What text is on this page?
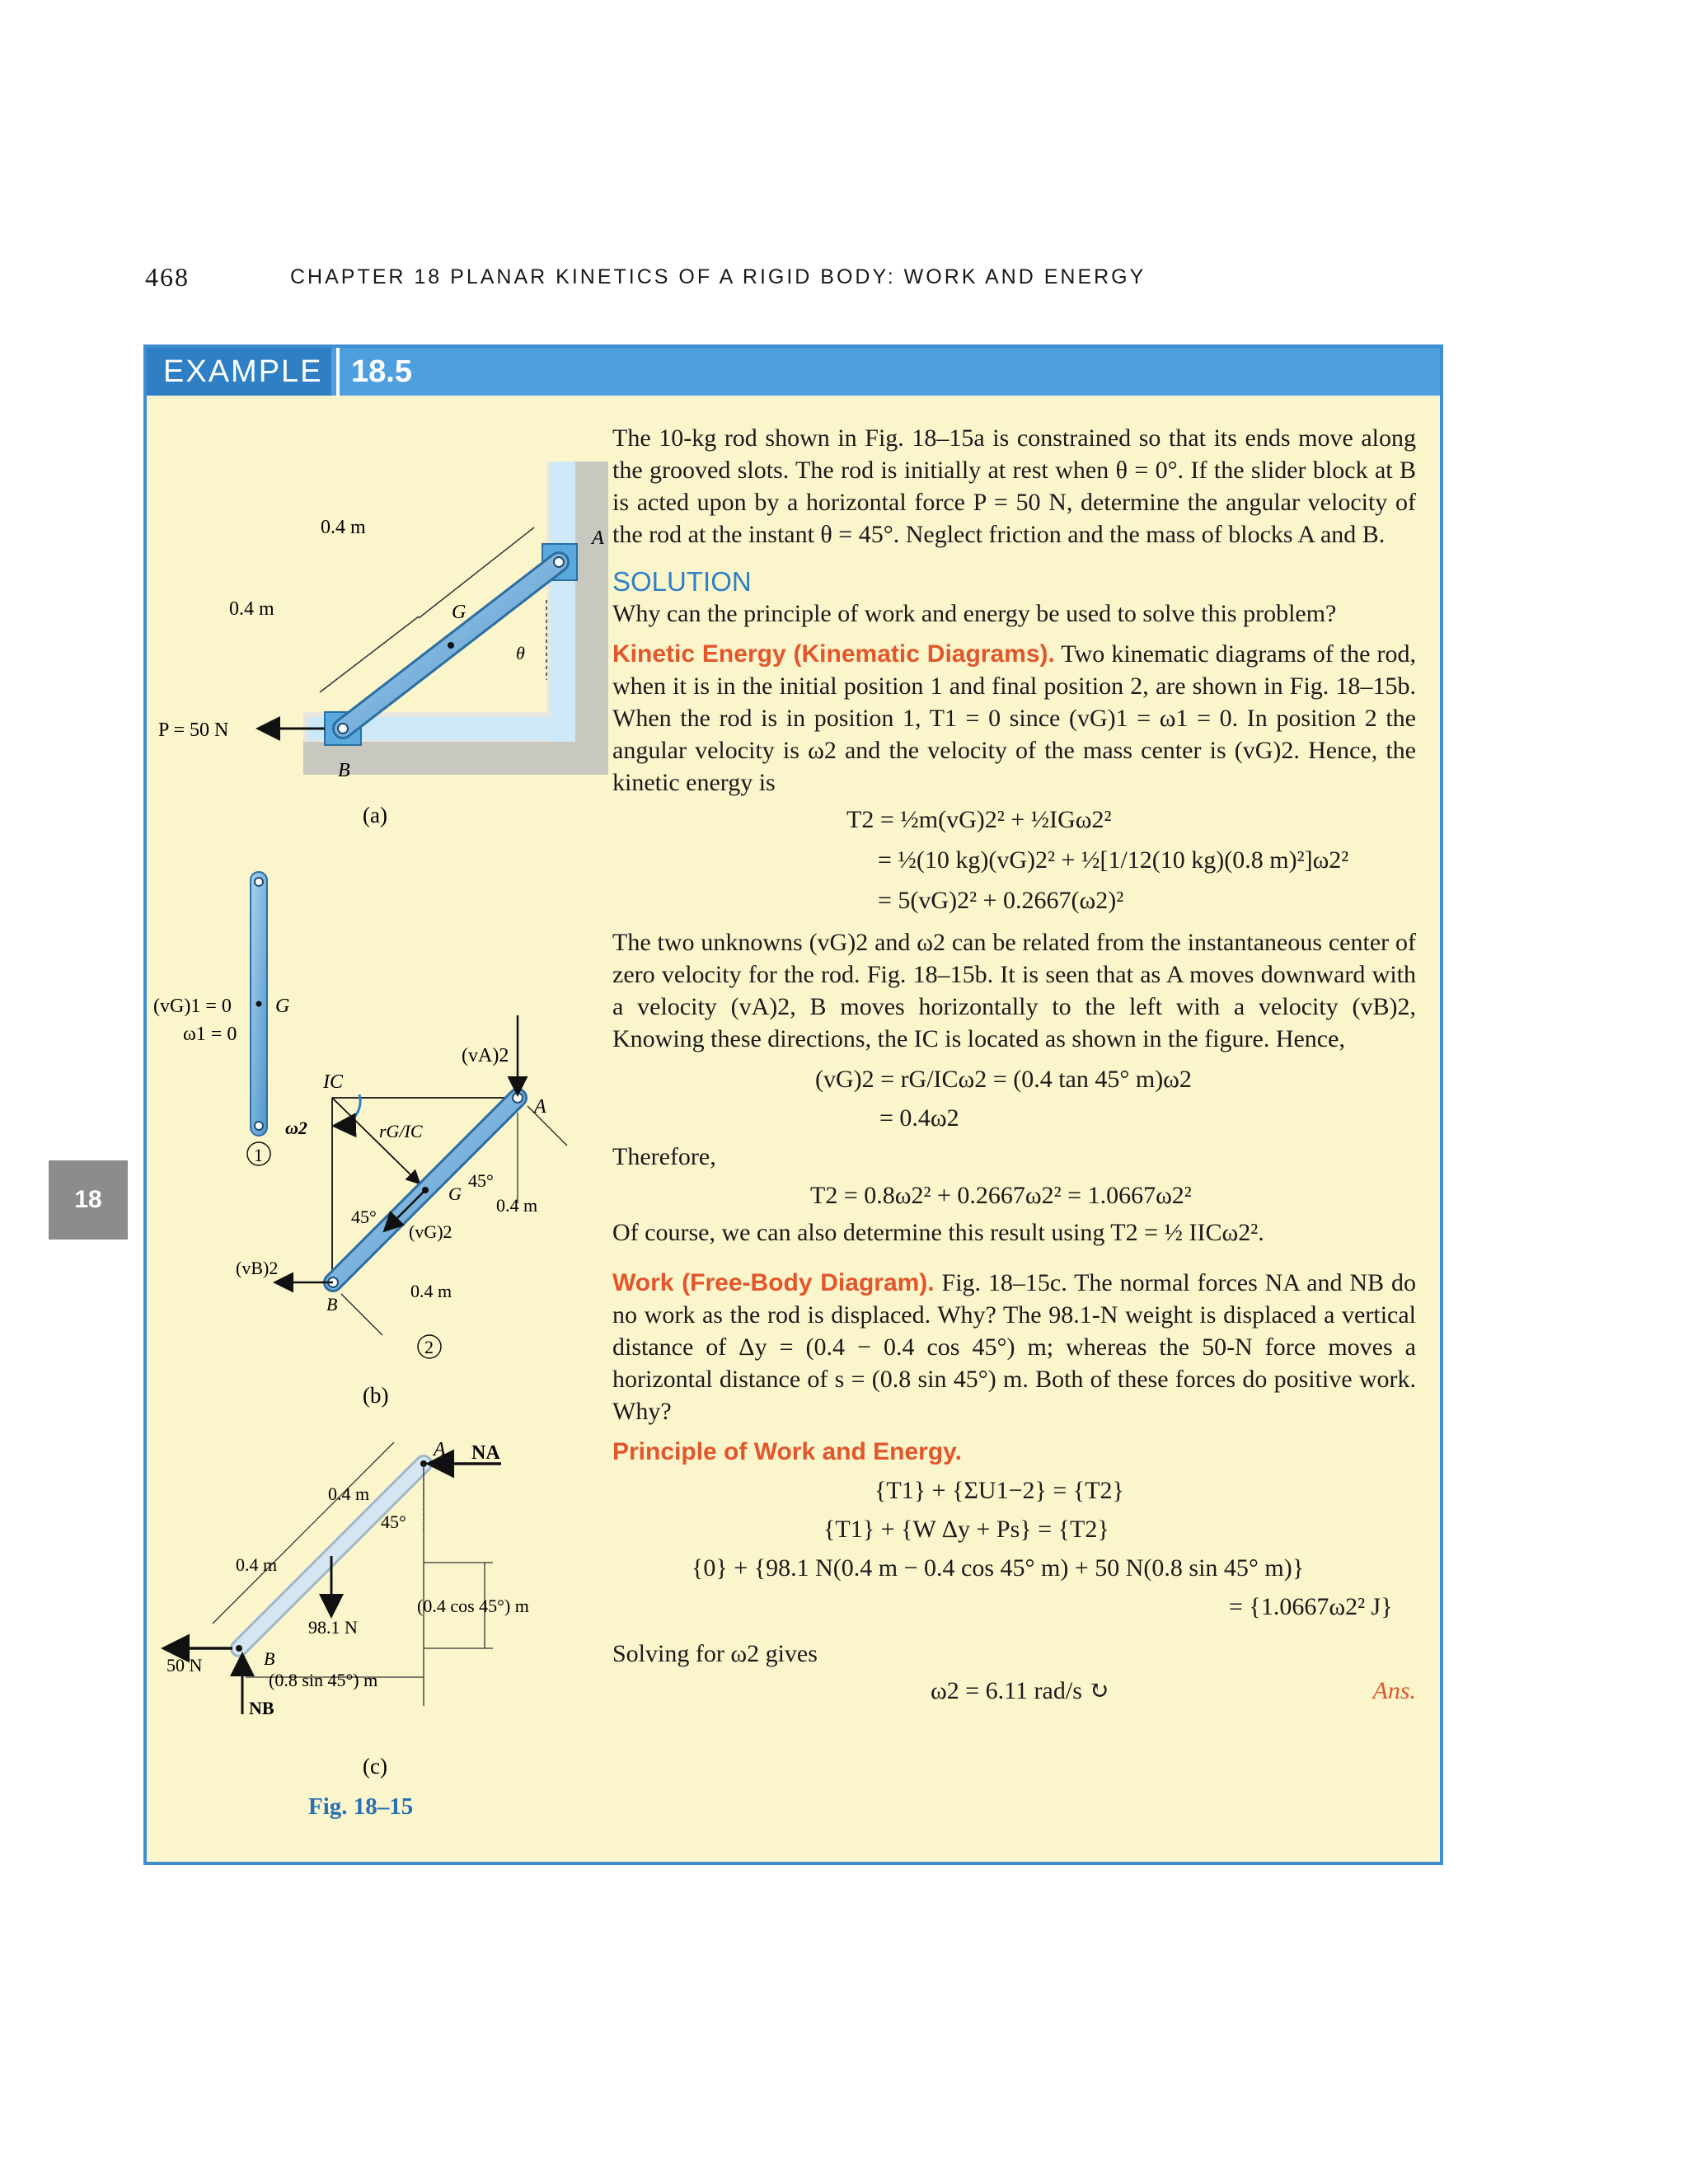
468	CHAPTER 18 PLANAR KINETICS OF A RIGID BODY: WORK AND ENERGY
18
EXAMPLE 18.5
0.4 m
0.4 m	G
θ
A
P = 50 N
B
(a)
(vG)1 = 0
ω1 = 0
G
1
(vA)2
A
IC
ω2	rG/IC
45°
45°
G
0.4 m
(vG)2
(vB)2
B
0.4 m
2
(b)
A NA
0.4 m
45°
0.4 m
(0.4 cos 45°) m
98.1 N
50 N	B
(0.8 sin 45°) m
NB
(c)
Fig. 18–15

The 10-kg rod shown in Fig. 18–15a is constrained so that its ends move along the grooved slots. The rod is initially at rest when θ = 0°. If the slider block at B is acted upon by a horizontal force P = 50 N, determine the angular velocity of the rod at the instant θ = 45°. Neglect friction and the mass of blocks A and B.

SOLUTION

Why can the principle of work and energy be used to solve this problem?

Kinetic Energy (Kinematic Diagrams). Two kinematic diagrams of the rod, when it is in the initial position 1 and final position 2, are shown in Fig. 18–15b. When the rod is in position 1, T1 = 0 since (vG)1 = ω1 = 0. In position 2 the angular velocity is ω2 and the velocity of the mass center is (vG)2. Hence, the kinetic energy is

T2 = ½m(vG)2² + ½IGω2²
= ½(10 kg)(vG)2² + ½[1/12(10 kg)(0.8 m)²]ω2²
= 5(vG)2² + 0.2667(ω2)²

The two unknowns (vG)2 and ω2 can be related from the instantaneous center of zero velocity for the rod. Fig. 18–15b. It is seen that as A moves downward with a velocity (vA)2, B moves horizontally to the left with a velocity (vB)2, Knowing these directions, the IC is located as shown in the figure. Hence,

(vG)2 = rG/ICω2 = (0.4 tan 45° m)ω2
= 0.4ω2

Therefore,

T2 = 0.8ω2² + 0.2667ω2² = 1.0667ω2²

Of course, we can also determine this result using T2 = ½ IICω2².

Work (Free-Body Diagram). Fig. 18–15c. The normal forces NA and NB do no work as the rod is displaced. Why? The 98.1-N weight is displaced a vertical distance of Δy = (0.4 − 0.4 cos 45°) m; whereas the 50-N force moves a horizontal distance of s = (0.8 sin 45°) m. Both of these forces do positive work. Why?

Principle of Work and Energy.
{T1} + {ΣU1−2} = {T2}
{T1} + {W Δy + Ps} = {T2}
{0} + {98.1 N(0.4 m − 0.4 cos 45° m) + 50 N(0.8 sin 45° m)}
= {1.0667ω2² J}

Solving for ω2 gives

ω2 = 6.11 rad/s ↻	Ans.
